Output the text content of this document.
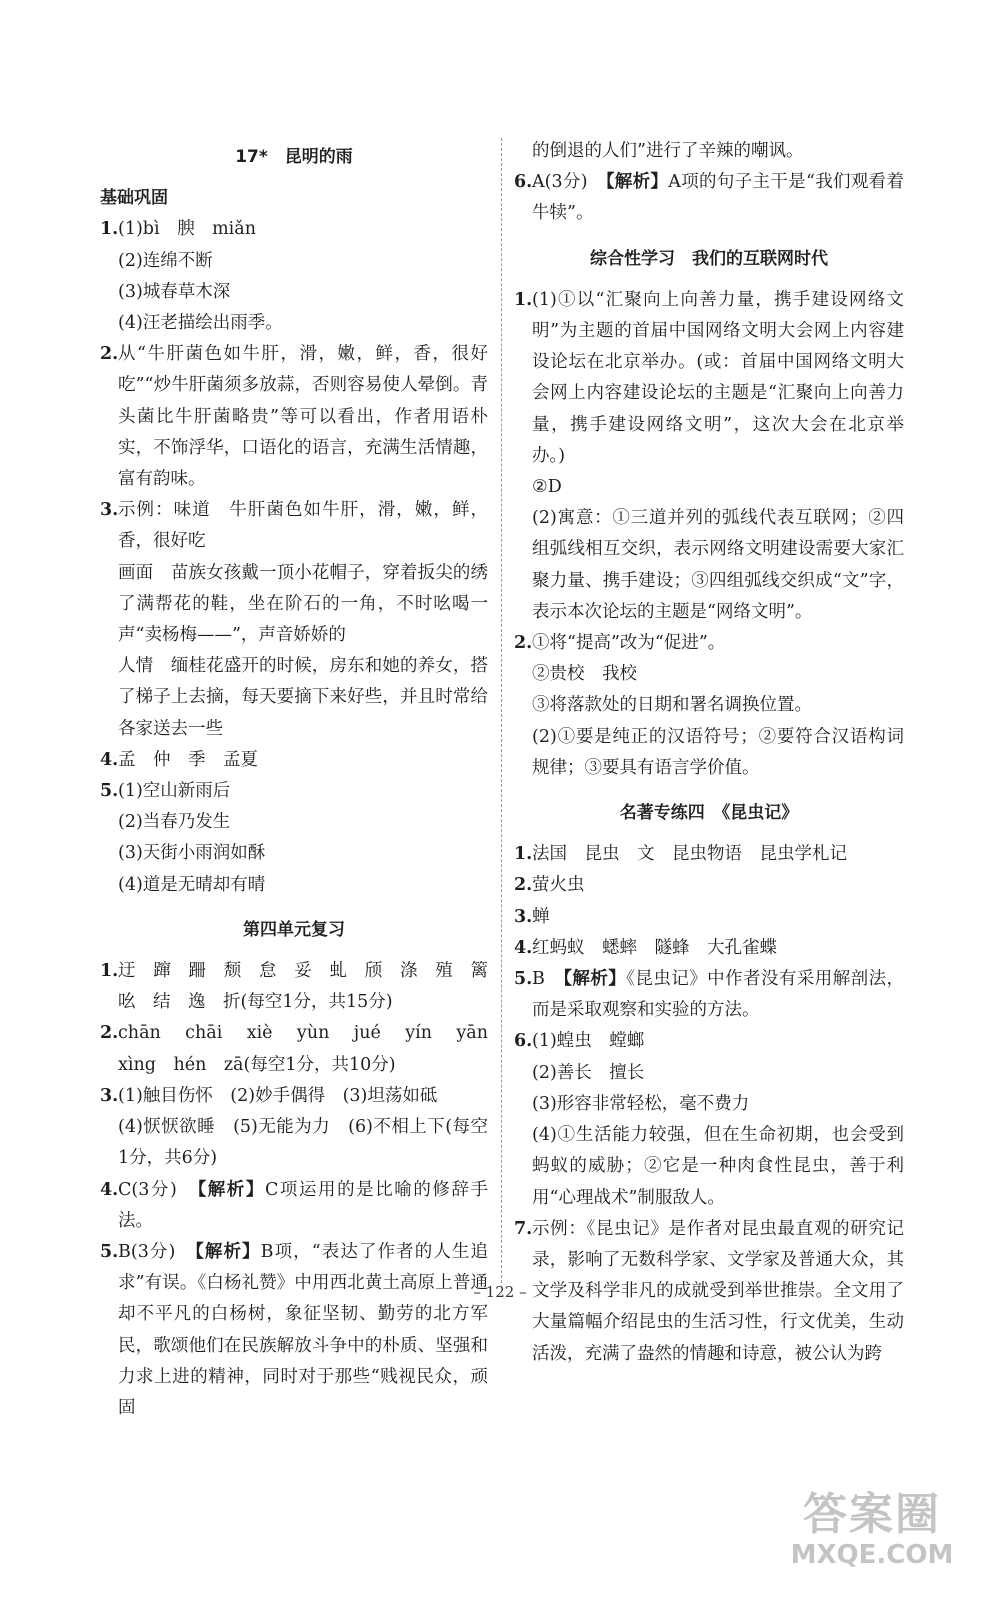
17*　昆明的雨
基础巩固
1. (1)bì　腴　miǎn
(2)连绵不断
(3)城春草木深
(4)汪老描绘出雨季。
2. 从“牛肝菌色如牛肝，滑，嫩，鲜，香，很好吃”“炒牛肝菌须多放蒜，否则容易使人晕倒。青头菌比牛肝菌略贵”等可以看出，作者用语朴实，不饰浮华，口语化的语言，充满生活情趣，富有韵味。
3. 示例：味道　牛肝菌色如牛肝，滑，嫩，鲜，香，很好吃
画面　苗族女孩戴一顶小花帽子，穿着扳尖的绣了满帮花的鞋，坐在阶石的一角，不时吆喝一声“卖杨梅——”，声音娇娇的
人情　缅桂花盛开的时候，房东和她的养女，搭了梯子上去摘，每天要摘下来好些，并且时常给各家送去一些
4. 孟　仲　季　孟夏
5. (1)空山新雨后
(2)当春乃发生
(3)天街小雨润如酥
(4)道是无晴却有晴
第四单元复习
1. 迂　蹿　跚　颓　怠　妥　虬　颀　涤　殖　篱　吆　结　逸　折(每空1分，共15分)
2. chān　chāi　xiè　yùn　jué　yín　yān　xìng　hén　zā(每空1分，共10分)
3. (1)触目伤怀　(2)妙手偶得　(3)坦荡如砥
(4)恹恹欲睡　(5)无能为力　(6)不相上下(每空1分，共6分)
4. C(3分)　【解析】C项运用的是比喻的修辞手法。
5. B(3分)　【解析】B项，“表达了作者的人生追求”有误。《白杨礼赞》中用西北黄土高原上普通却不平凡的白杨树，象征坚韧、勤劳的北方军民，歌颂他们在民族解放斗争中的朴质、坚强和力求上进的精神，同时对于那些“贱视民众，顽固
的倒退的人们”进行了辛辣的嘲讽。
6. A(3分)　【解析】A项的句子主干是“我们观看着牛犊”。
综合性学习　我们的互联网时代
1. (1)①以“汇聚向上向善力量，携手建设网络文明”为主题的首届中国网络文明大会网上内容建设论坛在北京举办。(或：首届中国网络文明大会网上内容建设论坛的主题是“汇聚向上向善力量，携手建设网络文明”，这次大会在北京举办。)
②D
(2)寓意：①三道并列的弧线代表互联网；②四组弧线相互交织，表示网络文明建设需要大家汇聚力量、携手建设；③四组弧线交织成“文”字，表示本次论坛的主题是“网络文明”。
2. ①将“提高”改为“促进”。
②贵校　我校
③将落款处的日期和署名调换位置。
(2)①要是纯正的汉语符号；②要符合汉语构词规律；③要具有语言学价值。
名著专练四　《昆虫记》
1. 法国　昆虫　文　昆虫物语　昆虫学札记
2. 萤火虫
3. 蝉
4. 红蚂蚁　蟋蟀　隧蜂　大孔雀蝶
5. B　【解析】《昆虫记》中作者没有采用解剖法，而是采取观察和实验的方法。
6. (1)蝗虫　螳螂
(2)善长　擅长
(3)形容非常轻松，毫不费力
(4)①生活能力较强，但在生命初期，也会受到蚂蚁的威胁；②它是一种肉食性昆虫，善于利用“心理战术”制服敌人。
7. 示例：《昆虫记》是作者对昆虫最直观的研究记录，影响了无数科学家、文学家及普通大众，其文学及科学非凡的成就受到举世推崇。全文用了大量篇幅介绍昆虫的生活习性，行文优美，生动活泼，充满了盎然的情趣和诗意，被公认为跨
– 122 –
答案圈
MXQE.COM
